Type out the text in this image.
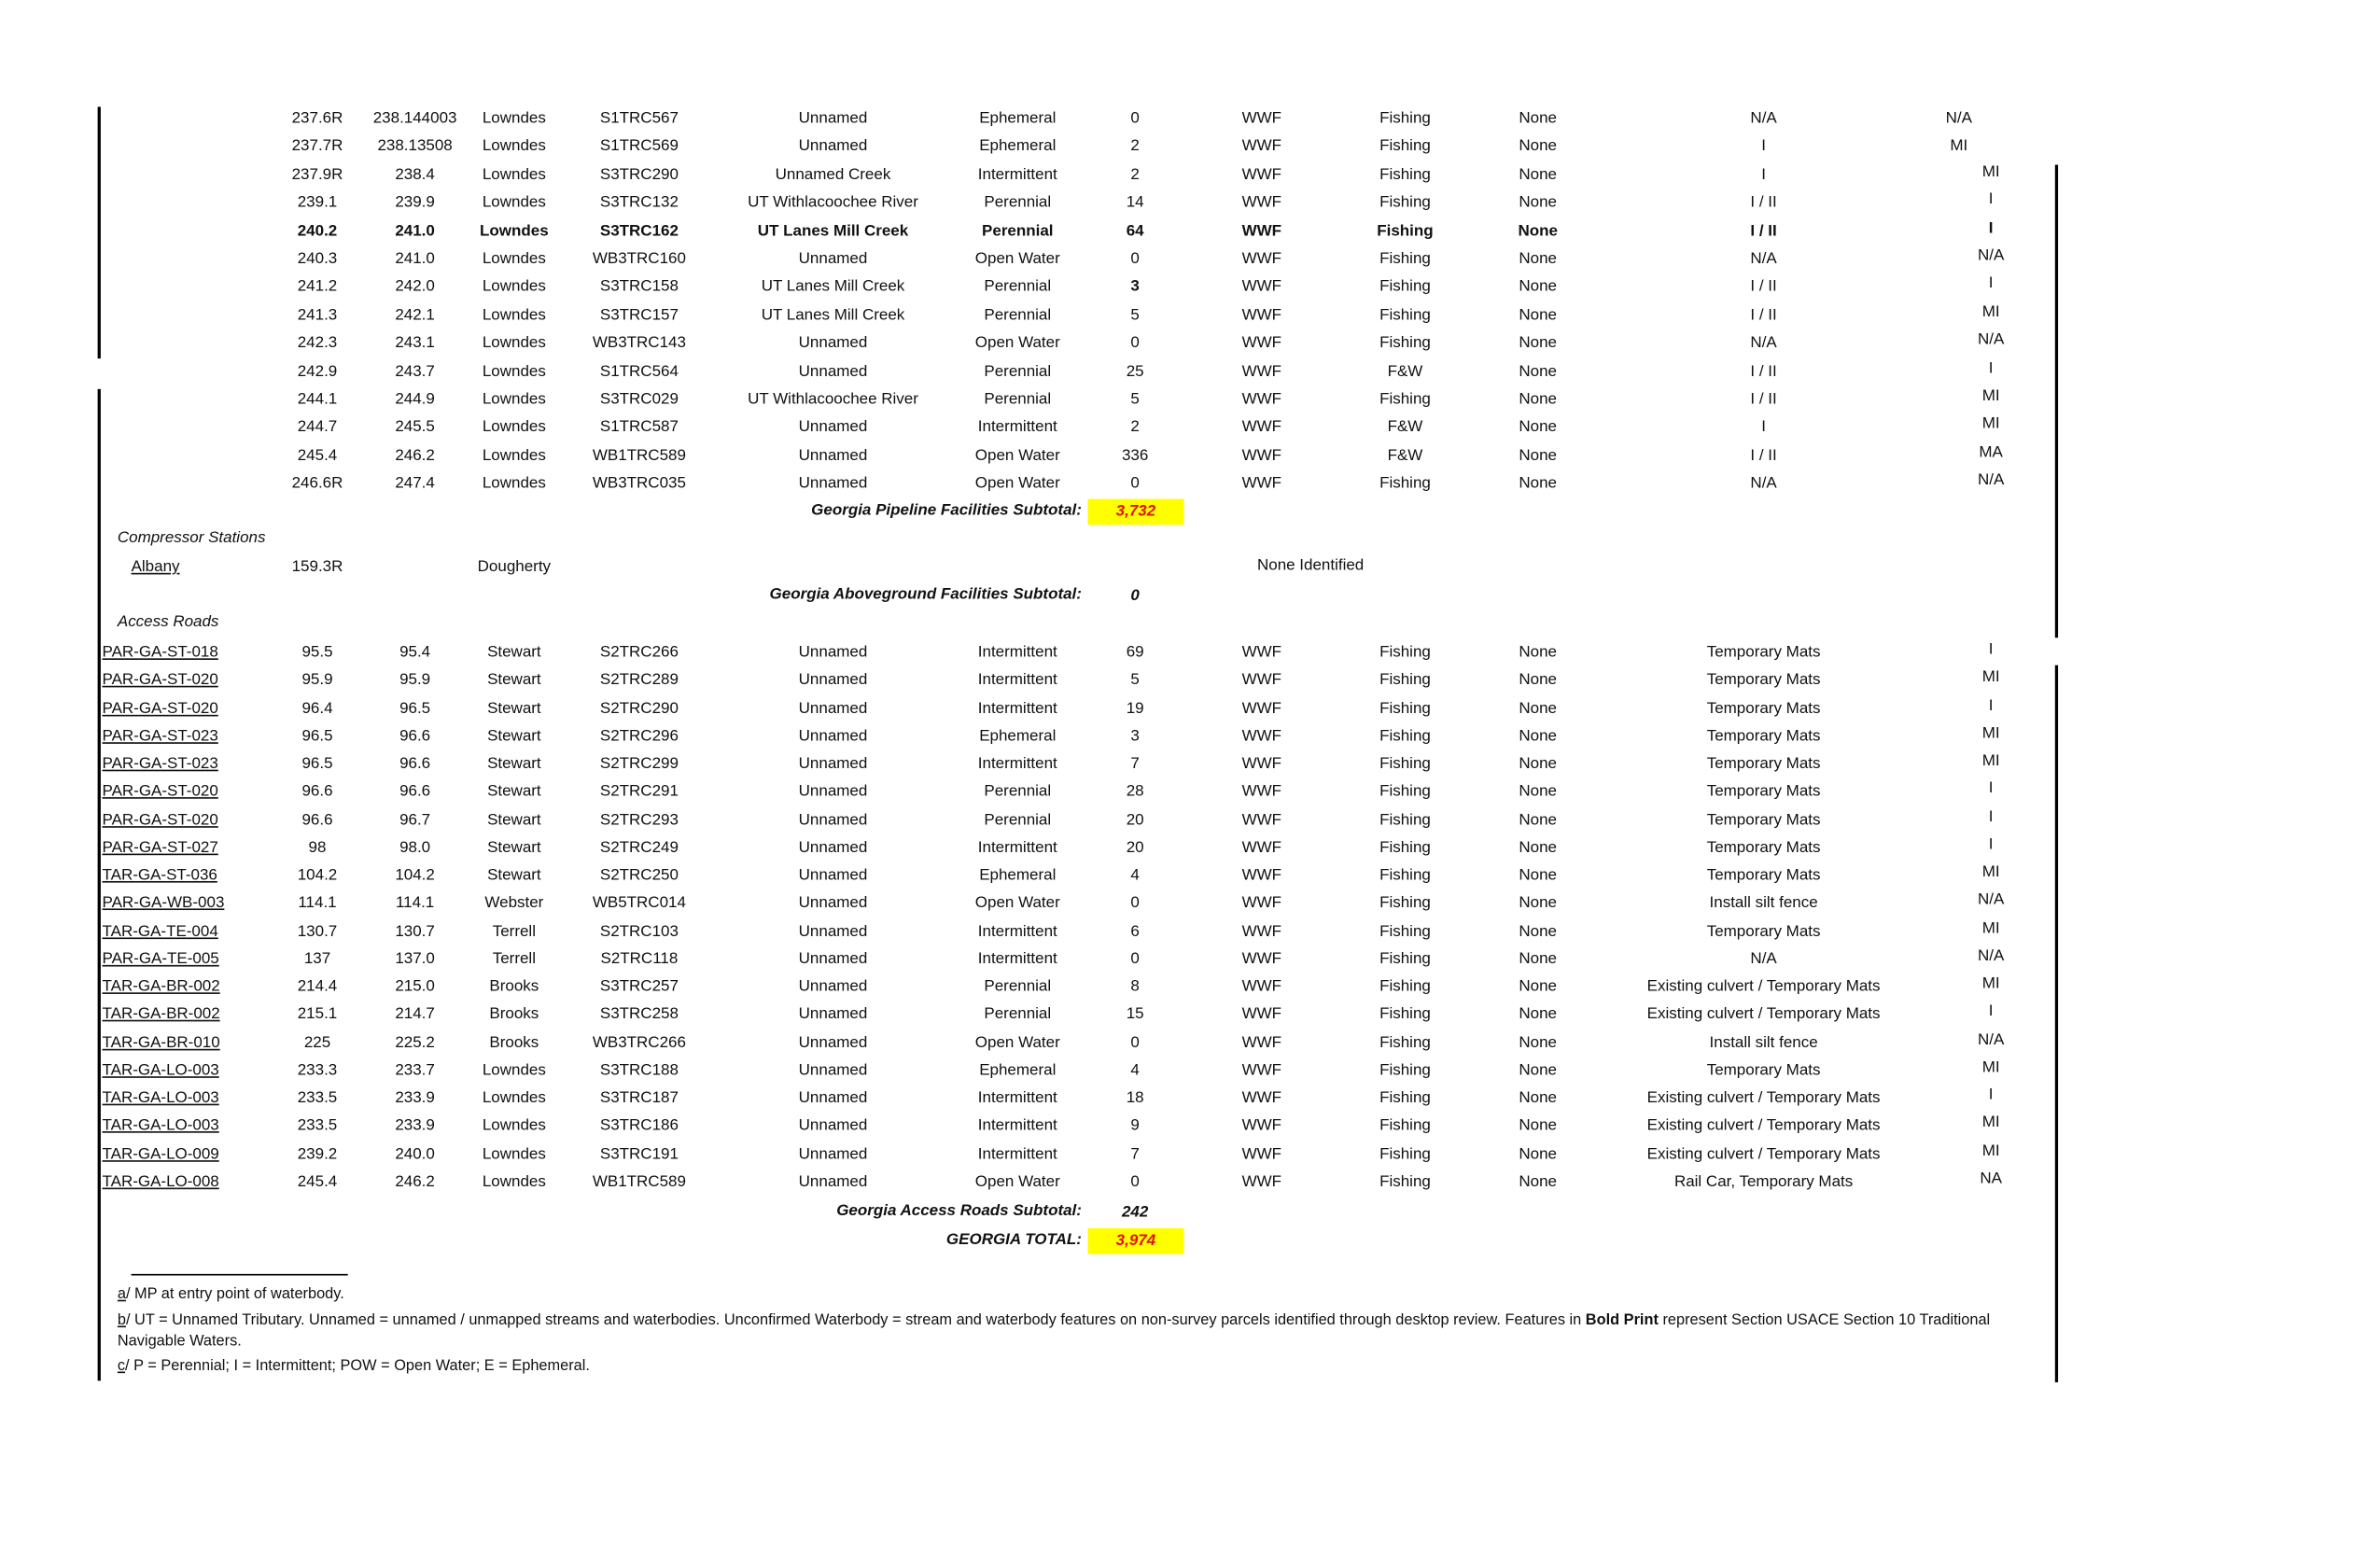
237.6R	238.144003	Lowndes	S1TRC567	Unnamed	Ephemeral	0	WWF	Fishing	None	N/A	N/A
237.7R	238.13508	Lowndes	S1TRC569	Unnamed	Ephemeral	2	WWF	Fishing	None	I	MI
237.9R	238.4	Lowndes	S3TRC290	Unnamed Creek	Intermittent	2	WWF	Fishing	None	I	MI
239.1	239.9	Lowndes	S3TRC132	UT Withlacoochee River	Perennial	14	WWF	Fishing	None	I / II	I
240.2	241.0	Lowndes	S3TRC162	UT Lanes Mill Creek	Perennial	64	WWF	Fishing	None	I / II	I
240.3	241.0	Lowndes	WB3TRC160	Unnamed	Open Water	0	WWF	Fishing	None	N/A	N/A
241.2	242.0	Lowndes	S3TRC158	UT Lanes Mill Creek	Perennial	3	WWF	Fishing	None	I / II	I
241.3	242.1	Lowndes	S3TRC157	UT Lanes Mill Creek	Perennial	5	WWF	Fishing	None	I / II	MI
242.3	243.1	Lowndes	WB3TRC143	Unnamed	Open Water	0	WWF	Fishing	None	N/A	N/A
242.9	243.7	Lowndes	S1TRC564	Unnamed	Perennial	25	WWF	F&W	None	I / II	I
244.1	244.9	Lowndes	S3TRC029	UT Withlacoochee River	Perennial	5	WWF	Fishing	None	I / II	MI
244.7	245.5	Lowndes	S1TRC587	Unnamed	Intermittent	2	WWF	F&W	None	I	MI
245.4	246.2	Lowndes	WB1TRC589	Unnamed	Open Water	336	WWF	F&W	None	I / II	MA
246.6R	247.4	Lowndes	WB3TRC035	Unnamed	Open Water	0	WWF	Fishing	None	N/A	N/A
Georgia Pipeline Facilities Subtotal:	3,732
Compressor Stations
Albany	159.3R	Dougherty	None Identified
Georgia Aboveground Facilities Subtotal:	0
Access Roads
PAR-GA-ST-018	95.5	95.4	Stewart	S2TRC266	Unnamed	Intermittent	69	WWF	Fishing	None	Temporary Mats	I
PAR-GA-ST-020	95.9	95.9	Stewart	S2TRC289	Unnamed	Intermittent	5	WWF	Fishing	None	Temporary Mats	MI
PAR-GA-ST-020	96.4	96.5	Stewart	S2TRC290	Unnamed	Intermittent	19	WWF	Fishing	None	Temporary Mats	I
PAR-GA-ST-023	96.5	96.6	Stewart	S2TRC296	Unnamed	Ephemeral	3	WWF	Fishing	None	Temporary Mats	MI
PAR-GA-ST-023	96.5	96.6	Stewart	S2TRC299	Unnamed	Intermittent	7	WWF	Fishing	None	Temporary Mats	MI
PAR-GA-ST-020	96.6	96.6	Stewart	S2TRC291	Unnamed	Perennial	28	WWF	Fishing	None	Temporary Mats	I
PAR-GA-ST-020	96.6	96.7	Stewart	S2TRC293	Unnamed	Perennial	20	WWF	Fishing	None	Temporary Mats	I
PAR-GA-ST-027	98	98.0	Stewart	S2TRC249	Unnamed	Intermittent	20	WWF	Fishing	None	Temporary Mats	I
TAR-GA-ST-036	104.2	104.2	Stewart	S2TRC250	Unnamed	Ephemeral	4	WWF	Fishing	None	Temporary Mats	MI
PAR-GA-WB-003	114.1	114.1	Webster	WB5TRC014	Unnamed	Open Water	0	WWF	Fishing	None	Install silt fence	N/A
TAR-GA-TE-004	130.7	130.7	Terrell	S2TRC103	Unnamed	Intermittent	6	WWF	Fishing	None	Temporary Mats	MI
PAR-GA-TE-005	137	137.0	Terrell	S2TRC118	Unnamed	Intermittent	0	WWF	Fishing	None	N/A	N/A
TAR-GA-BR-002	214.4	215.0	Brooks	S3TRC257	Unnamed	Perennial	8	WWF	Fishing	None	Existing culvert / Temporary Mats	MI
TAR-GA-BR-002	215.1	214.7	Brooks	S3TRC258	Unnamed	Perennial	15	WWF	Fishing	None	Existing culvert / Temporary Mats	I
TAR-GA-BR-010	225	225.2	Brooks	WB3TRC266	Unnamed	Open Water	0	WWF	Fishing	None	Install silt fence	N/A
TAR-GA-LO-003	233.3	233.7	Lowndes	S3TRC188	Unnamed	Ephemeral	4	WWF	Fishing	None	Temporary Mats	MI
TAR-GA-LO-003	233.5	233.9	Lowndes	S3TRC187	Unnamed	Intermittent	18	WWF	Fishing	None	Existing culvert / Temporary Mats	I
TAR-GA-LO-003	233.5	233.9	Lowndes	S3TRC186	Unnamed	Intermittent	9	WWF	Fishing	None	Existing culvert / Temporary Mats	MI
TAR-GA-LO-009	239.2	240.0	Lowndes	S3TRC191	Unnamed	Intermittent	7	WWF	Fishing	None	Existing culvert / Temporary Mats	MI
TAR-GA-LO-008	245.4	246.2	Lowndes	WB1TRC589	Unnamed	Open Water	0	WWF	Fishing	None	Rail Car, Temporary Mats	NA
Georgia Access Roads Subtotal:	242
GEORGIA TOTAL:	3,974
a/ MP at entry point of waterbody.
b/ UT = Unnamed Tributary. Unnamed = unnamed / unmapped streams and waterbodies. Unconfirmed Waterbody = stream and waterbody features on non-survey parcels identified through desktop review. Features in Bold Print represent Section USACE Section 10 Traditional Navigable Waters.
c/ P = Perennial; I = Intermittent; POW = Open Water; E = Ephemeral.
